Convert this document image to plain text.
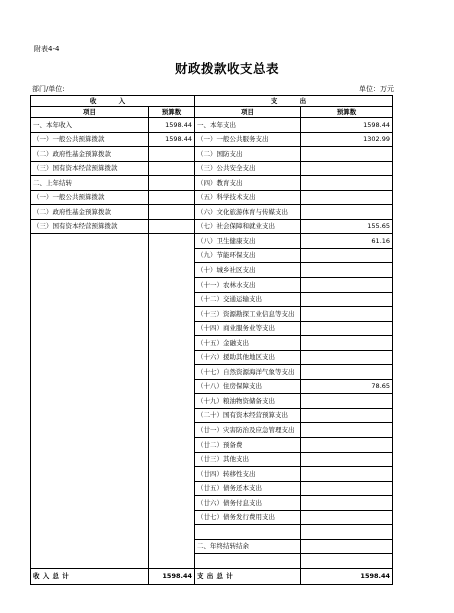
附表4-4
财政拨款收支总表
部门/单位:	单位：万元
收 入		支 出	
项目	预算数	项目	预算数
一、本年收入	1598.44	一、本年支出	1598.44
（一）一般公共预算拨款	1598.44	（一）一般公共服务支出	1302.99
（二）政府性基金预算拨款		（二）国防支出	
（三）国有资本经营预算拨款		（三）公共安全支出	
二、上年结转		（四）教育支出	
（一）一般公共预算拨款		（五）科学技术支出	
（二）政府性基金预算拨款		（六）文化旅游体育与传媒支出	
（三）国有资本经营预算拨款		（七）社会保障和就业支出	155.65
		（八）卫生健康支出	61.16
		（九）节能环保支出	
		（十）城乡社区支出	
		（十一）农林水支出	
		（十二）交通运输支出	
		（十三）资源勘探工业信息等支出	
		（十四）商业服务业等支出	
		（十五）金融支出	
		（十六）援助其他地区支出	
		（十七）自然资源海洋气象等支出	
		（十八）住房保障支出	78.65
		（十九）粮油物资储备支出	
		（二十）国有资本经营预算支出	
		（廿一）灾害防治及应急管理支出	
		（廿二）预备费	
		（廿三）其他支出	
		（廿四）转移性支出	
		（廿五）债务还本支出	
		（廿六）债务付息支出	
		（廿七）债务发行费用支出	

		二、年终结转结余	

收 入 总 计	1598.44	支 出 总 计	1598.44
